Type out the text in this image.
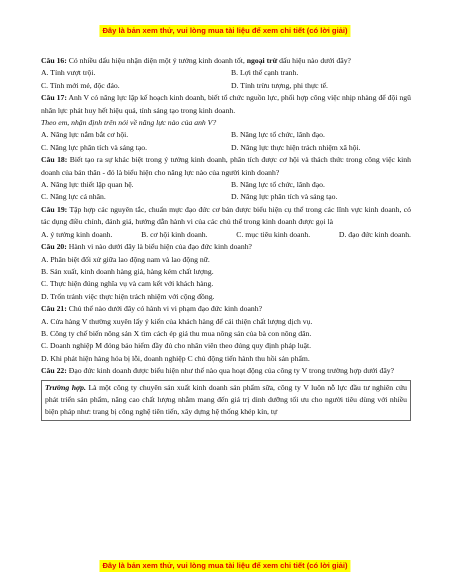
Đây là bản xem thử, vui lòng mua tài liệu để xem chi tiết (có lời giải)

Câu 16: Có nhiều dấu hiệu nhận diện một ý tưởng kinh doanh tốt, ngoại trừ dấu hiệu nào dưới đây?

A. Tính vượt trội.	B. Lợi thế cạnh tranh.
C. Tính mới mẻ, độc đáo.	D. Tính trừu tượng, phi thực tế.

Câu 17: Anh V có năng lực lập kế hoạch kinh doanh, biết tổ chức nguồn lực, phối hợp công việc nhịp nhàng để đội ngũ nhân lực phát huy hết hiệu quả, tính sáng tạo trong kinh doanh.

Theo em, nhận định trên nói về năng lực nào của anh V?

A. Năng lực nắm bắt cơ hội.	B. Năng lực tổ chức, lãnh đạo.
C. Năng lực phân tích và sáng tạo.	D. Năng lực thực hiện trách nhiệm xã hội.

Câu 18: Biết tạo ra sự khác biệt trong ý tưởng kinh doanh, phân tích được cơ hội và thách thức trong công việc kinh doanh của bản thân - đó là biểu hiện cho năng lực nào của người kinh doanh?

A. Năng lực thiết lập quan hệ.	B. Năng lực tổ chức, lãnh đạo.
C. Năng lực cá nhân.	D. Năng lực phân tích và sáng tạo.

Câu 19: Tập hợp các nguyên tắc, chuẩn mực đạo đức cơ bản được biểu hiện cụ thể trong các lĩnh vực kinh doanh, có tác dụng điều chỉnh, đánh giá, hướng dẫn hành vi của các chủ thể trong kinh doanh được gọi là

A. ý tưởng kinh doanh.	B. cơ hội kinh doanh.	C. mục tiêu kinh doanh.	D. đạo đức kinh doanh.

Câu 20: Hành vi nào dưới đây là biểu hiện của đạo đức kinh doanh?

A. Phân biệt đối xử giữa lao động nam và lao động nữ.
B. Sản xuất, kinh doanh hàng giả, hàng kém chất lượng.
C. Thực hiện đúng nghĩa vụ và cam kết với khách hàng.
D. Trốn tránh việc thực hiện trách nhiệm với cộng đồng.

Câu 21: Chủ thể nào dưới đây có hành vi vi phạm đạo đức kinh doanh?

A. Cửa hàng V thường xuyên lấy ý kiến của khách hàng để cải thiện chất lượng dịch vụ.
B. Công ty chế biến nông sản X tìm cách ép giá thu mua nông sản của bà con nông dân.
C. Doanh nghiệp M đóng bảo hiểm đầy đủ cho nhân viên theo đúng quy định pháp luật.
D. Khi phát hiện hàng hóa bị lỗi, doanh nghiệp C chủ động tiến hành thu hồi sản phẩm.

Câu 22: Đạo đức kinh doanh được biểu hiện như thế nào qua hoạt động của công ty V trong trường hợp dưới đây?

Trường hợp. Là một công ty chuyên sản xuất kinh doanh sản phẩm sữa, công ty V luôn nỗ lực đầu tư nghiên cứu phát triển sản phẩm, nâng cao chất lượng nhằm mang đến giá trị dinh dưỡng tối ưu cho người tiêu dùng với nhiều biện pháp như: trang bị công nghệ tiên tiến, xây dựng hệ thống khép kín, tự
Đây là bản xem thử, vui lòng mua tài liệu để xem chi tiết (có lời giải)
